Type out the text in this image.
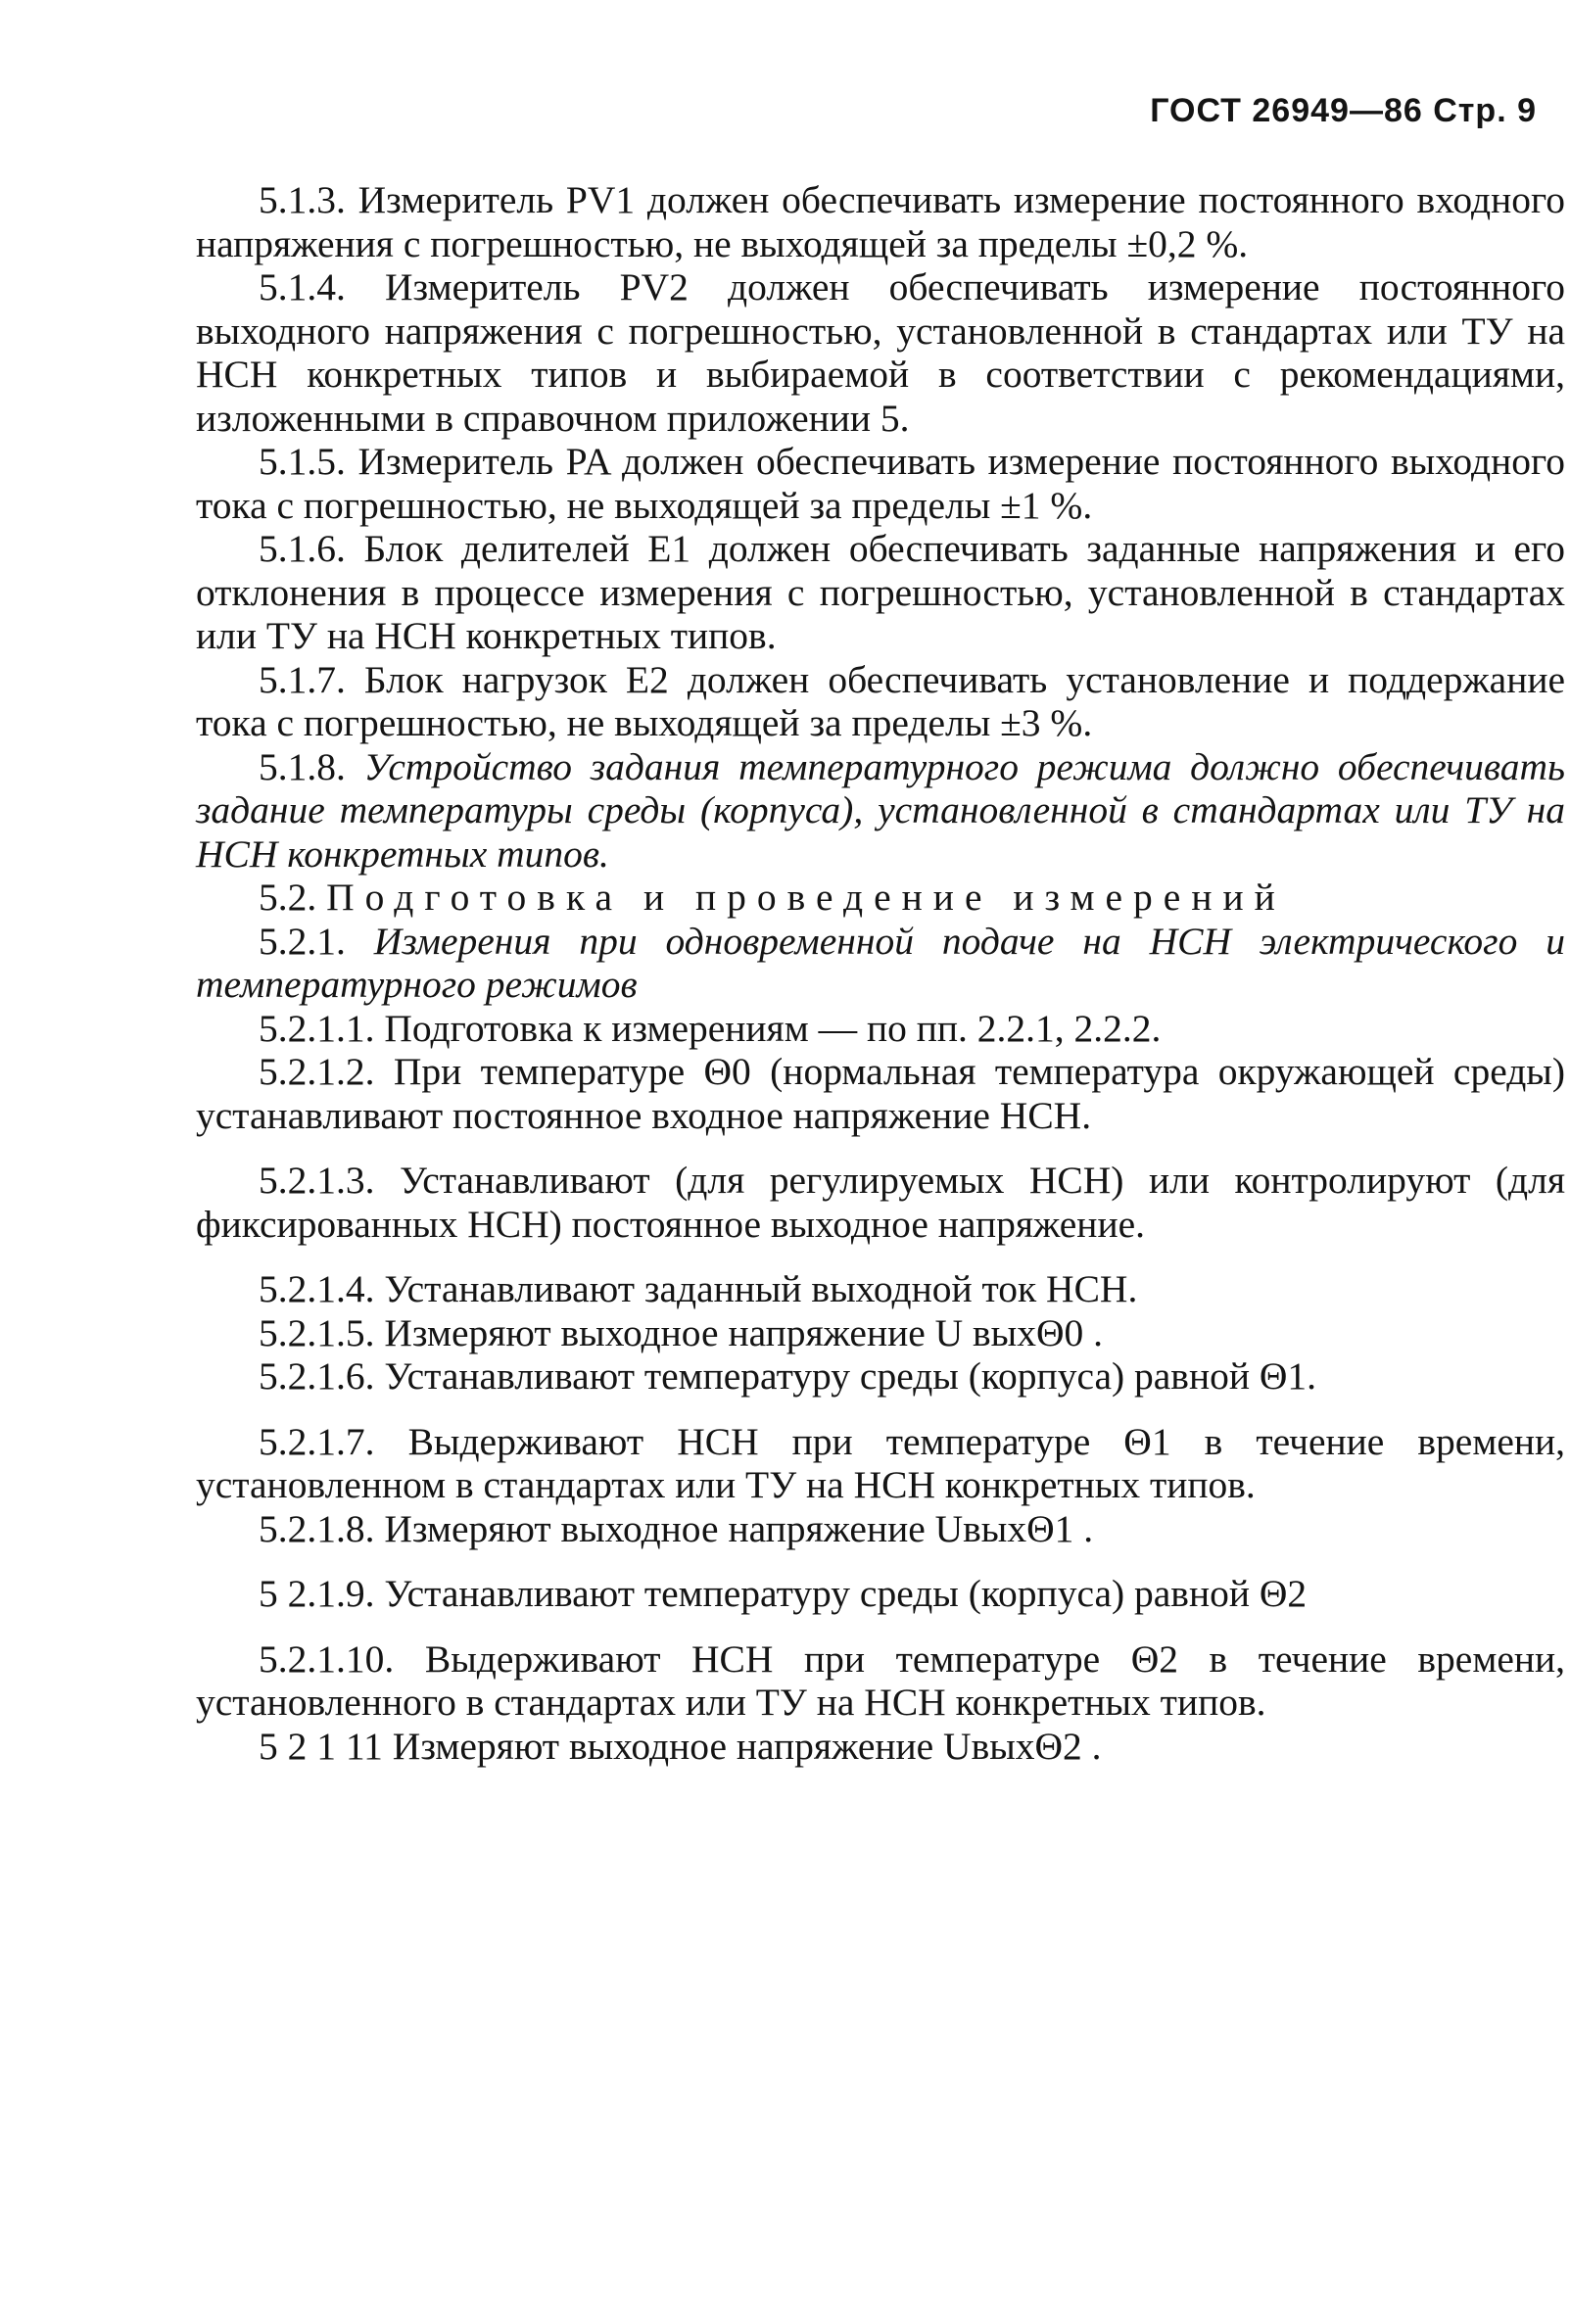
ГОСТ 26949—86 Стр. 9

5.1.3. Измеритель PV1 должен обеспечивать измерение постоянного входного напряжения с погрешностью, не выходящей за пределы ±0,2 %.

5.1.4. Измеритель PV2 должен обеспечивать измерение постоянного выходного напряжения с погрешностью, установленной в стандартах или ТУ на НСН конкретных типов и выбираемой в соответствии с рекомендациями, изложенными в справочном приложении 5.

5.1.5. Измеритель PA должен обеспечивать измерение постоянного выходного тока с погрешностью, не выходящей за пределы ±1 %.

5.1.6. Блок делителей E1 должен обеспечивать заданные напряжения и его отклонения в процессе измерения с погрешностью, установленной в стандартах или ТУ на НСН конкретных типов.

5.1.7. Блок нагрузок E2 должен обеспечивать установление и поддержание тока с погрешностью, не выходящей за пределы ±3 %.

5.1.8. Устройство задания температурного режима должно обеспечивать задание температуры среды (корпуса), установленной в стандартах или ТУ на НСН конкретных типов.

5.2. Подготовка и проведение измерений

5.2.1. Измерения при одновременной подаче на НСН электрического и температурного режимов

5.2.1.1. Подготовка к измерениям — по пп. 2.2.1, 2.2.2.

5.2.1.2. При температуре Θ0 (нормальная температура окружающей среды) устанавливают постоянное входное напряжение НСН.

5.2.1.3. Устанавливают (для регулируемых НСН) или контролируют (для фиксированных НСН) постоянное выходное напряжение.

5.2.1.4. Устанавливают заданный выходной ток НСН.

5.2.1.5. Измеряют выходное напряжение U выхΘ0 .

5.2.1.6. Устанавливают температуру среды (корпуса) равной Θ1.

5.2.1.7. Выдерживают НСН при температуре Θ1 в течение времени, установленном в стандартах или ТУ на НСН конкретных типов.

5.2.1.8. Измеряют выходное напряжение UвыхΘ1 .

5 2.1.9. Устанавливают температуру среды (корпуса) равной Θ2

5.2.1.10. Выдерживают НСН при температуре Θ2 в течение времени, установленного в стандартах или ТУ на НСН конкретных типов.

5 2 1 11 Измеряют выходное напряжение UвыхΘ2 .
